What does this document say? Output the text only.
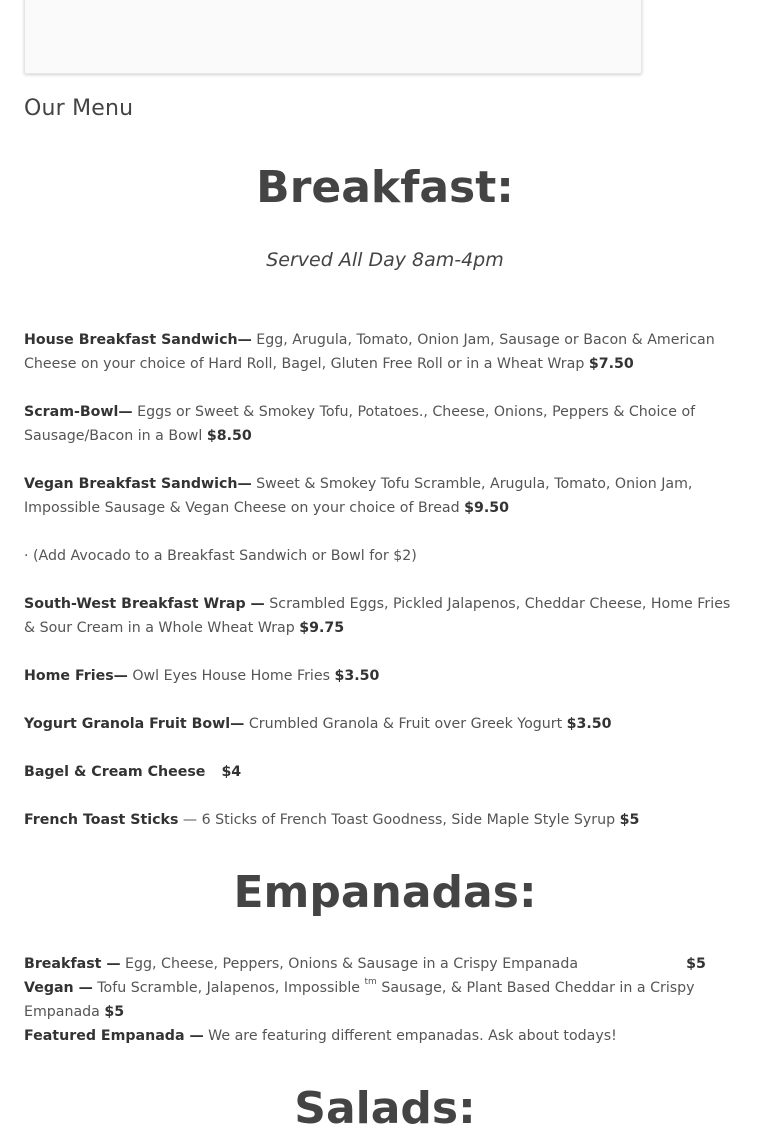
Our Menu
Breakfast:

Served All Day 8am-4pm

House Breakfast Sandwich— Egg, Arugula, Tomato, Onion Jam, Sausage or Bacon & American Cheese on your choice of Hard Roll, Bagel, Gluten Free Roll or in a Wheat Wrap $7.50

Scram-Bowl— Eggs or Sweet & Smokey Tofu, Potatoes., Cheese, Onions, Peppers & Choice of Sausage/Bacon in a Bowl $8.50

Vegan Breakfast Sandwich— Sweet & Smokey Tofu Scramble, Arugula, Tomato, Onion Jam, Impossible Sausage & Vegan Cheese on your choice of Bread $9.50

· (Add Avocado to a Breakfast Sandwich or Bowl for $2)

South-West Breakfast Wrap — Scrambled Eggs, Pickled Jalapenos, Cheddar Cheese, Home Fries & Sour Cream in a Whole Wheat Wrap $9.75

Home Fries— Owl Eyes House Home Fries $3.50

Yogurt Granola Fruit Bowl— Crumbled Granola & Fruit over Greek Yogurt $3.50

Bagel & Cream Cheese $4

French Toast Sticks — 6 Sticks of French Toast Goodness, Side Maple Style Syrup $5

Empanadas:

Breakfast — Egg, Cheese, Peppers, Onions & Sausage in a Crispy Empanada	$5

Vegan — Tofu Scramble, Jalapenos, Impossible $^{tm}$ Sausage, & Plant Based Cheddar in a Crispy Empanada $5

Featured Empanada — We are featuring different empanadas. Ask about todays!

Salads:
